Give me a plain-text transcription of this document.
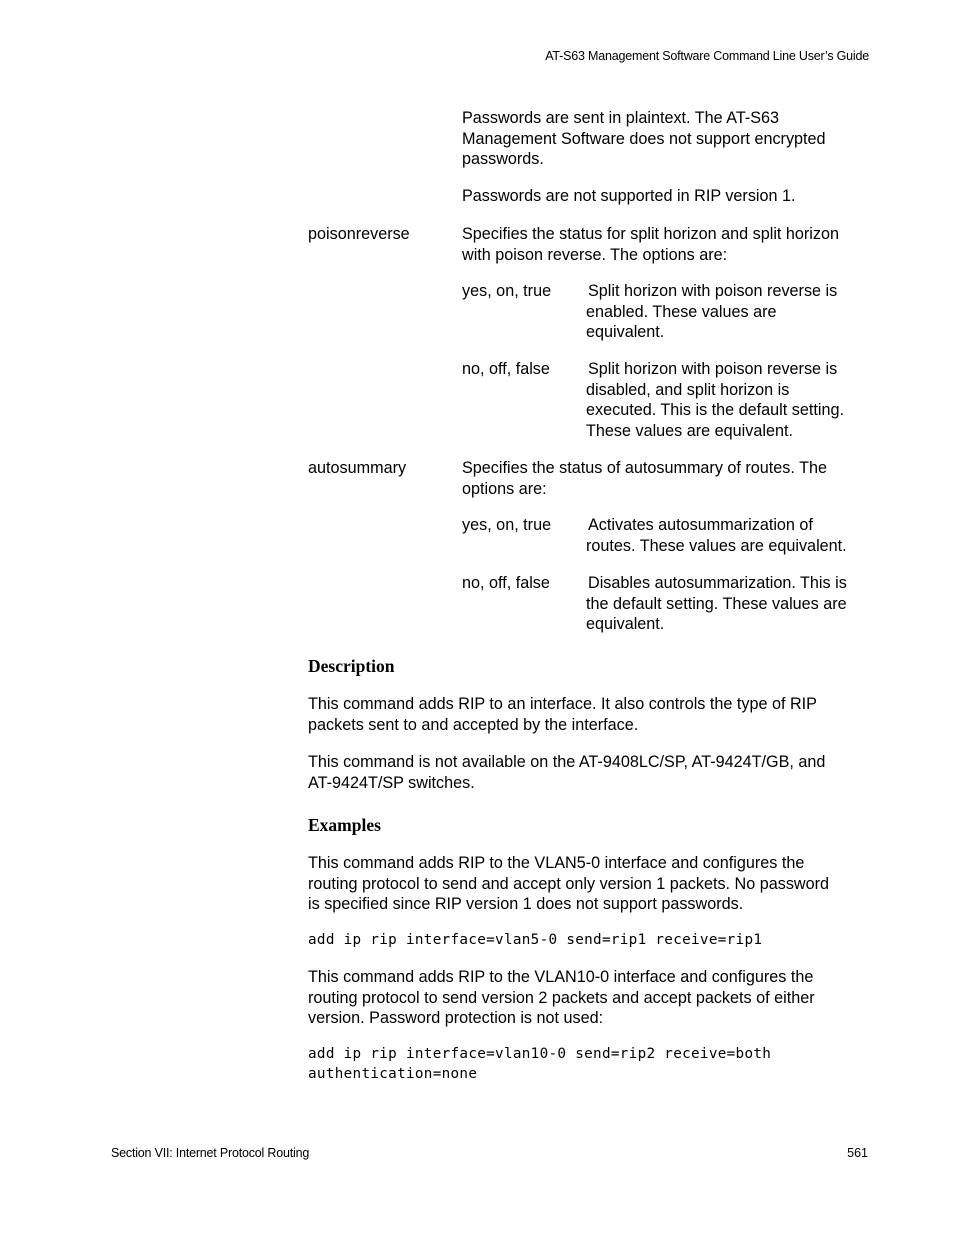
AT-S63 Management Software Command Line User’s Guide
Passwords are sent in plaintext. The AT-S63
Management Software does not support encrypted
passwords.
Passwords are not supported in RIP version 1.
poisonreverse	Specifies the status for split horizon and split horizon
with poison reverse. The options are:
yes, on, true Split horizon with poison reverse is
enabled. These values are
equivalent.
no, off, false Split horizon with poison reverse is
disabled, and split horizon is
executed. This is the default setting.
These values are equivalent.
autosummary	Specifies the status of autosummary of routes. The
options are:
yes, on, true Activates autosummarization of
routes. These values are equivalent.
no, off, false Disables autosummarization. This is
the default setting. These values are
equivalent.
Description
This command adds RIP to an interface. It also controls the type of RIP
packets sent to and accepted by the interface.
This command is not available on the AT-9408LC/SP, AT-9424T/GB, and
AT-9424T/SP switches.
Examples
This command adds RIP to the VLAN5-0 interface and configures the
routing protocol to send and accept only version 1 packets. No password
is specified since RIP version 1 does not support passwords.
add ip rip interface=vlan5-0 send=rip1 receive=rip1
This command adds RIP to the VLAN10-0 interface and configures the
routing protocol to send version 2 packets and accept packets of either
version. Password protection is not used:
add ip rip interface=vlan10-0 send=rip2 receive=both
authentication=none
Section VII: Internet Protocol Routing	561
